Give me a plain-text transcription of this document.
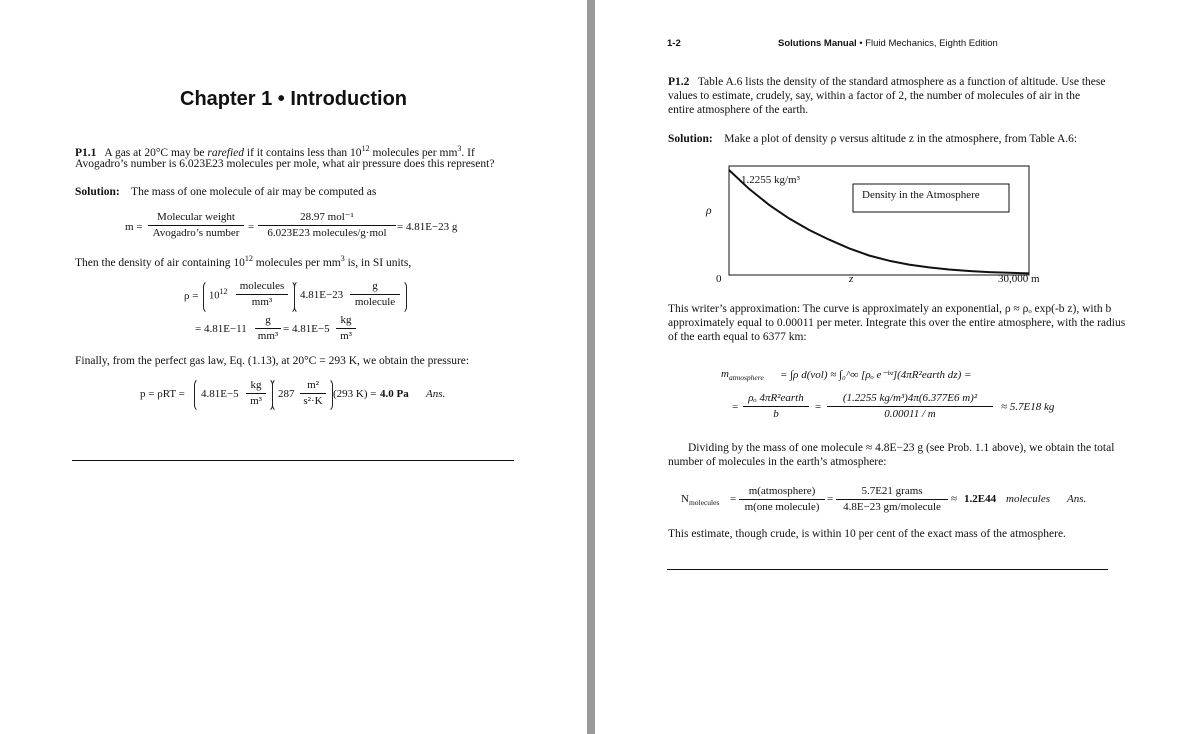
Chapter 1 • Introduction
P1.1 A gas at 20°C may be rarefied if it contains less than $10^{12}$ molecules per $mm^3$. If
Avogadro’s number is 6.023E23 molecules per mole, what air pressure does this represent?
Solution: The mass of one molecule of air may be computed as
m =
Molecular weight
Avogadro’s number =
28.97 mol⁻¹
6.023E23 molecules/g·mol = 4.81E−23 g
Then the density of air containing $10^{12}$ molecules per $mm^3$ is, in SI units,
$\rho = 10^{12}$	molecules
mm³
4.81E−23
g
molecule
= 4.81E−11
g
mm³
= 4.81E−5
kg
m³
Finally, from the perfect gas law, Eq. (1.13), at 20°C = 293 K, we obtain the pressure:
p = ρRT = 4.81E−5
kg
m³
287
m²
s²·K
(293 K) = 4.0 Pa Ans.
1-2	Solutions Manual • Fluid Mechanics, Eighth Edition
P1.2 Table A.6 lists the density of the standard atmosphere as a function of altitude. Use these values to estimate, crudely, say, within a factor of 2, the number of molecules of air in the entire atmosphere of the earth.
Solution: Make a plot of density ρ versus altitude z in the atmosphere, from Table A.6:
ρ
0	z	30,000 m
1.2255 kg/m³
Density in the Atmosphere
This writer’s approximation: The curve is approximately an exponential, ρ ≈ ρₒ exp(-b z), with b approximately equal to 0.00011 per meter. Integrate this over the entire atmosphere, with the radius of the earth equal to 6377 km:
$m_{atmosphere} = \int\rho$ d(vol) ≈ ∫₀^∞ [ρₒ e⁻ᵇᶻ](4πR²earth dz) =
=
ρₒ 4πR²earth
b
=
(1.2255 kg/m³)4π(6.377E6 m)²
0.00011 / m
≈ 5.7E18 kg
Dividing by the mass of one molecule ≈ 4.8E−23 g (see Prob. 1.1 above), we obtain the total number of molecules in the earth’s atmosphere:
$N_{molecules}$ =
m(atmosphere)
m(one molecule)
=
5.7E21 grams
4.8E−23 gm/molecule
≈ 1.2E44 molecules Ans.
This estimate, though crude, is within 10 per cent of the exact mass of the atmosphere.
